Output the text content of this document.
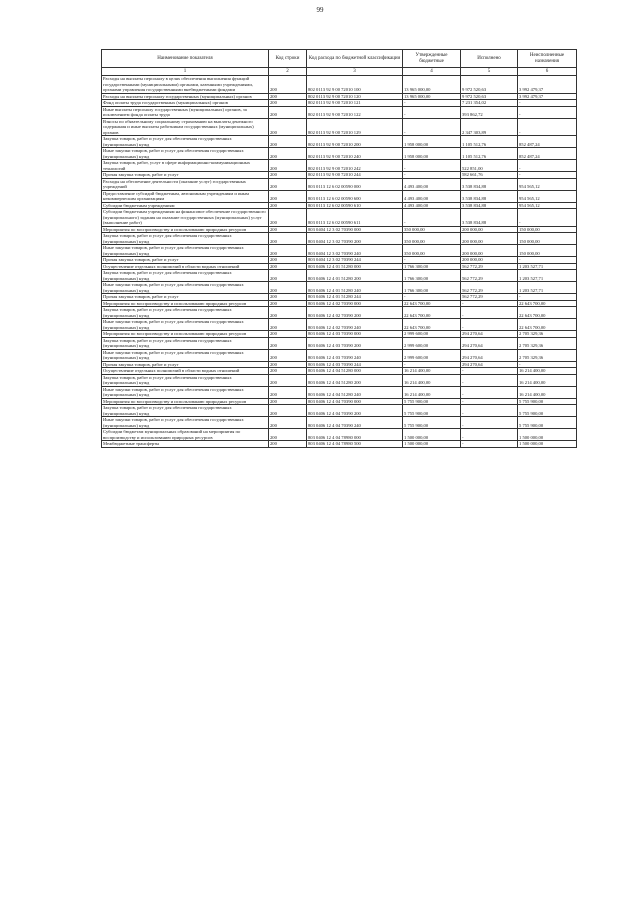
99
Наименование показателя	Код строки	Код расхода по бюджетной классификации	Утвержденные бюджетные	Исполнено	Неисполненные назначения
1	2	3	4	5	6
Расходы на выплаты персоналу в целях обеспечения выполнения функций государственными (муниципальными) органами, казенными учреждениями, органами управления государственными внебюджетными фондами	200	802 0113 92 9 00 72010 100	13 965 000,00	9 972 520,63	3 992 479,37
Расходы на выплаты персоналу государственных (муниципальных) органов	200	802 0113 92 9 00 72010 120	13 965 000,00	9 972 520,63	3 992 479,37
Фонд оплаты труда государственных (муниципальных) органов	200	802 0113 92 9 00 72010 121	-	7 231 354,02	-
Иные выплаты персоналу государственных (муниципальных) органов, за исключением фонда оплаты труда	200	802 0113 92 9 00 72010 122	-	393 862,72	-
Взносы по обязательному социальному страхованию на выплаты денежного содержания и иные выплаты работникам государственных (муниципальных) органов	200	802 0113 92 9 00 72010 129	-	2 347 303,89	-
Закупка товаров, работ и услуг для обеспечения государственных (муниципальных) нужд	200	802 0113 92 9 00 72010 200	1 958 000,00	1 105 512,76	852 487,24
Иные закупки товаров, работ и услуг для обеспечения государственных (муниципальных) нужд	200	802 0113 92 9 00 72010 240	1 958 000,00	1 105 512,76	852 487,24
Закупка товаров, работ, услуг в сфере информационно-коммуникационных технологий	200	802 0113 92 9 00 72010 242	-	522 851,00	-
Прочая закупка товаров, работ и услуг	200	802 0113 92 9 00 72010 244	-	582 661,76	-
Расходы на обеспечение деятельности (оказание услуг) государственных учреждений	200	803 0113 12 6 02 00590 000	4 493 400,00	3 538 834,88	954 565,12
Предоставление субсидий бюджетным, автономным учреждениям и иным некоммерческим организациям	200	803 0113 12 6 02 00590 600	4 493 400,00	3 538 834,88	954 565,12
Субсидии бюджетным учреждениям	200	803 0113 12 6 02 00590 610	4 493 400,00	3 538 834,88	954 565,12
Субсидии бюджетным учреждениям на финансовое обеспечение государственного (муниципального) задания на оказание государственных (муниципальных) услуг (выполнение работ)	200	803 0113 12 6 02 00590 611	-	3 538 834,88	-
Мероприятия по воспроизводству и использованию природных ресурсов	200	803 0404 12 3 02 70390 000	350 000,00	200 000,00	150 000,00
Закупка товаров, работ и услуг для обеспечения государственных (муниципальных) нужд	200	803 0404 12 3 02 70390 200	350 000,00	200 000,00	150 000,00
Иные закупки товаров, работ и услуг для обеспечения государственных (муниципальных) нужд	200	803 0404 12 3 02 70390 240	350 000,00	200 000,00	150 000,00
Прочая закупка товаров, работ и услуг	200	803 0404 12 3 02 70390 244	-	200 000,00	-
Осуществление отдельных полномочий в области водных отношений	200	803 0406 12 4 01 51280 000	1 766 300,00	562 772,29	1 203 527,71
Закупка товаров, работ и услуг для обеспечения государственных (муниципальных) нужд	200	803 0406 12 4 01 51280 200	1 766 300,00	562 772,29	1 203 527,71
Иные закупки товаров, работ и услуг для обеспечения государственных (муниципальных) нужд	200	803 0406 12 4 01 51280 240	1 766 300,00	562 772,29	1 203 527,71
Прочая закупка товаров, работ и услуг	200	803 0406 12 4 01 51280 244	-	562 772,29	-
Мероприятия по воспроизводству и использованию природных ресурсов	200	803 0406 12 4 02 70390 000	22 643 700,00	-	22 643 700,00
Закупка товаров, работ и услуг для обеспечения государственных (муниципальных) нужд	200	803 0406 12 4 02 70390 200	22 643 700,00	-	22 643 700,00
Иные закупки товаров, работ и услуг для обеспечения государственных (муниципальных) нужд	200	803 0406 12 4 02 70390 240	22 643 700,00	-	22 643 700,00
Мероприятия по воспроизводству и использованию природных ресурсов	200	803 0406 12 4 03 70390 000	2 999 600,00	294 270,64	2 705 329,36
Закупка товаров, работ и услуг для обеспечения государственных (муниципальных) нужд	200	803 0406 12 4 03 70390 200	2 999 600,00	294 270,64	2 705 329,36
Иные закупки товаров, работ и услуг для обеспечения государственных (муниципальных) нужд	200	803 0406 12 4 03 70390 240	2 999 600,00	294 270,64	2 705 329,36
Прочая закупка товаров, работ и услуг	200	803 0406 12 4 03 70390 244	-	294 270,64	-
Осуществление отдельных полномочий в области водных отношений	200	803 0406 12 4 04 51280 000	16 214 400,00	-	16 214 400,00
Закупка товаров, работ и услуг для обеспечения государственных (муниципальных) нужд	200	803 0406 12 4 04 51280 200	16 214 400,00	-	16 214 400,00
Иные закупки товаров, работ и услуг для обеспечения государственных (муниципальных) нужд	200	803 0406 12 4 04 51280 240	16 214 400,00	-	16 214 400,00
Мероприятия по воспроизводству и использованию природных ресурсов	200	803 0406 12 4 04 70390 000	5 755 900,00	-	5 755 900,00
Закупка товаров, работ и услуг для обеспечения государственных (муниципальных) нужд	200	803 0406 12 4 04 70390 200	5 755 900,00	-	5 755 900,00
Иные закупки товаров, работ и услуг для обеспечения государственных (муниципальных) нужд	200	803 0406 12 4 04 70390 240	5 755 900,00	-	5 755 900,00
Субсидии бюджетам муниципальных образований на мероприятия по воспроизводству и использованию природных ресурсов	200	803 0406 12 4 04 78980 000	1 500 000,00	-	1 500 000,00
Межбюджетные трансферты	200	803 0406 12 4 04 78980 500	1 500 000,00	-	1 500 000,00
